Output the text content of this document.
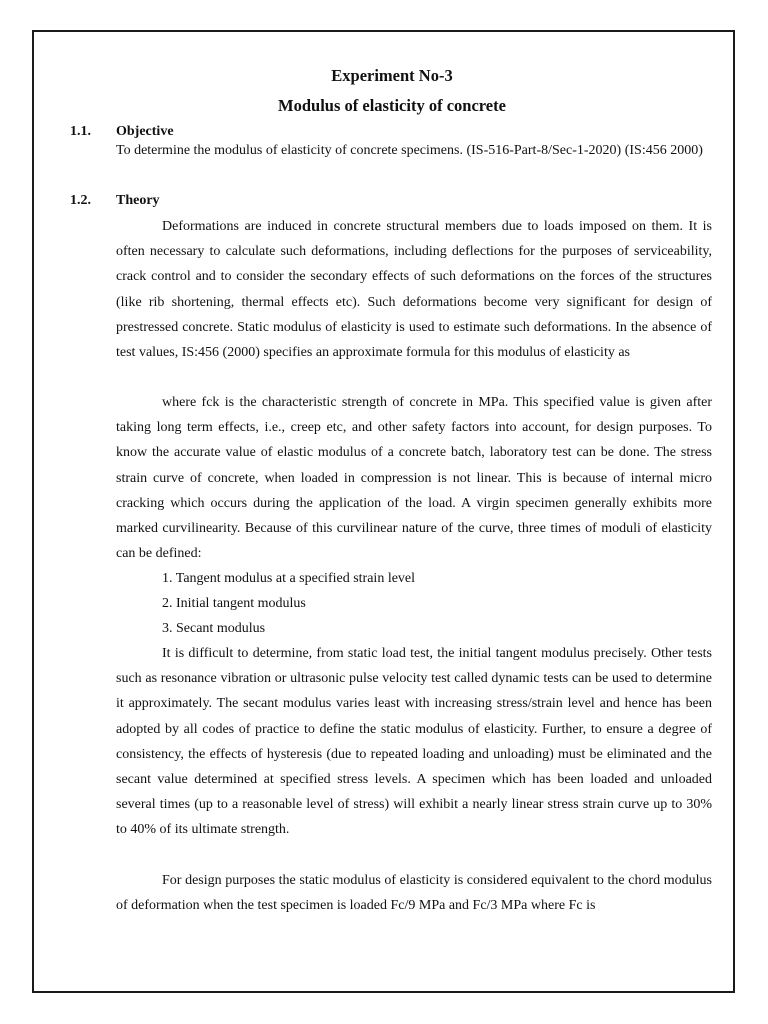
Experiment No-3
Modulus of elasticity of concrete
1.1. Objective

To determine the modulus of elasticity of concrete specimens. (IS-516-Part-8/Sec-1-2020) (IS:456 2000)

1.2. Theory

Deformations are induced in concrete structural members due to loads imposed on them. It is often necessary to calculate such deformations, including deflections for the purposes of serviceability, crack control and to consider the secondary effects of such deformations on the forces of the structures (like rib shortening, thermal effects etc). Such deformations become very significant for design of prestressed concrete. Static modulus of elasticity is used to estimate such deformations. In the absence of test values, IS:456 (2000) specifies an approximate formula for this modulus of elasticity as

where fck is the characteristic strength of concrete in MPa. This specified value is given after taking long term effects, i.e., creep etc, and other safety factors into account, for design purposes. To know the accurate value of elastic modulus of a concrete batch, laboratory test can be done. The stress strain curve of concrete, when loaded in compression is not linear. This is because of internal micro cracking which occurs during the application of the load. A virgin specimen generally exhibits more marked curvilinearity. Because of this curvilinear nature of the curve, three times of moduli of elasticity can be defined:

1. Tangent modulus at a specified strain level
2. Initial tangent modulus
3. Secant modulus

It is difficult to determine, from static load test, the initial tangent modulus precisely. Other tests such as resonance vibration or ultrasonic pulse velocity test called dynamic tests can be used to determine it approximately. The secant modulus varies least with increasing stress/strain level and hence has been adopted by all codes of practice to define the static modulus of elasticity. Further, to ensure a degree of consistency, the effects of hysteresis (due to repeated loading and unloading) must be eliminated and the secant value determined at specified stress levels. A specimen which has been loaded and unloaded several times (up to a reasonable level of stress) will exhibit a nearly linear stress strain curve up to 30% to 40% of its ultimate strength.

For design purposes the static modulus of elasticity is considered equivalent to the chord modulus of deformation when the test specimen is loaded Fc/9 MPa and Fc/3 MPa where Fc is
